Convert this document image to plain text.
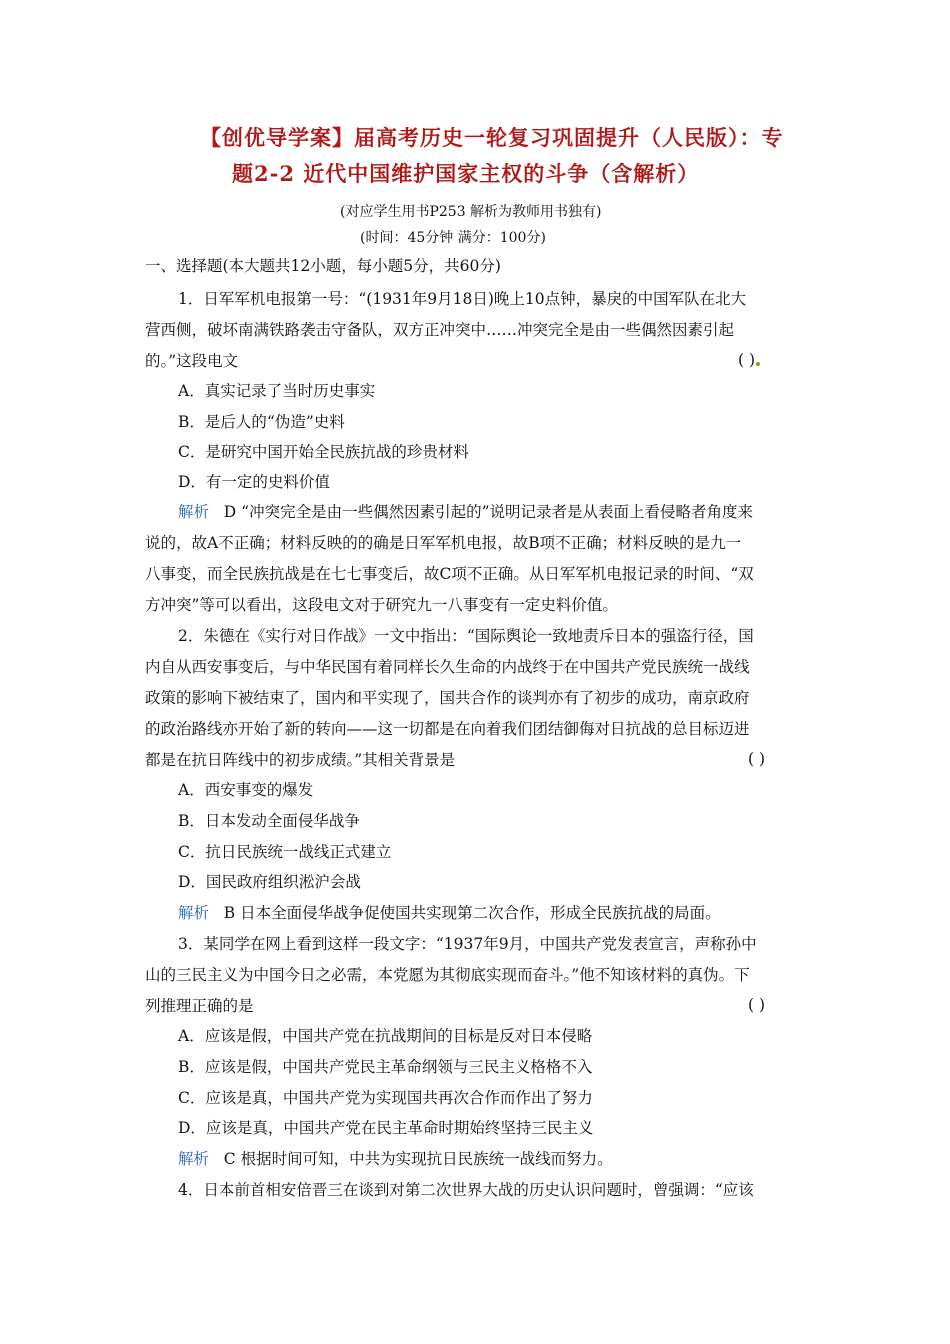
【创优导学案】届高考历史一轮复习巩固提升（人民版）：专
题2-2 近代中国维护国家主权的斗争（含解析）
(对应学生用书P253 解析为教师用书独有)
(时间：45分钟 满分：100分)
一、选择题(本大题共12小题，每小题5分，共60分)
1．日军军机电报第一号：“(1931年9月18日)晚上10点钟，暴戾的中国军队在北大
营西侧，破坏南满铁路袭击守备队，双方正冲突中……冲突完全是由一些偶然因素引起
的。”这段电文	( )
A．真实记录了当时历史事实
B．是后人的“伪造”史料
C．是研究中国开始全民族抗战的珍贵材料
D．有一定的史料价值
解析 D “冲突完全是由一些偶然因素引起的”说明记录者是从表面上看侵略者角度来
说的，故A不正确；材料反映的的确是日军军机电报，故B项不正确；材料反映的是九一
八事变，而全民族抗战是在七七事变后，故C项不正确。从日军军机电报记录的时间、“双
方冲突”等可以看出，这段电文对于研究九一八事变有一定史料价值。
2．朱德在《实行对日作战》一文中指出：“国际舆论一致地责斥日本的强盗行径，国
内自从西安事变后，与中华民国有着同样长久生命的内战终于在中国共产党民族统一战线
政策的影响下被结束了，国内和平实现了，国共合作的谈判亦有了初步的成功，南京政府
的政治路线亦开始了新的转向——这一切都是在向着我们团结御侮对日抗战的总目标迈进
都是在抗日阵线中的初步成绩。”其相关背景是	( )
A．西安事变的爆发
B．日本发动全面侵华战争
C．抗日民族统一战线正式建立
D．国民政府组织淞沪会战
解析 B 日本全面侵华战争促使国共实现第二次合作，形成全民族抗战的局面。
3．某同学在网上看到这样一段文字：“1937年9月，中国共产党发表宣言，声称孙中
山的三民主义为中国今日之必需，本党愿为其彻底实现而奋斗。”他不知该材料的真伪。下
列推理正确的是	( )
A．应该是假，中国共产党在抗战期间的目标是反对日本侵略
B．应该是假，中国共产党民主革命纲领与三民主义格格不入
C．应该是真，中国共产党为实现国共再次合作而作出了努力
D．应该是真，中国共产党在民主革命时期始终坚持三民主义
解析 C 根据时间可知，中共为实现抗日民族统一战线而努力。
4．日本前首相安倍晋三在谈到对第二次世界大战的历史认识问题时，曾强调：“应该
